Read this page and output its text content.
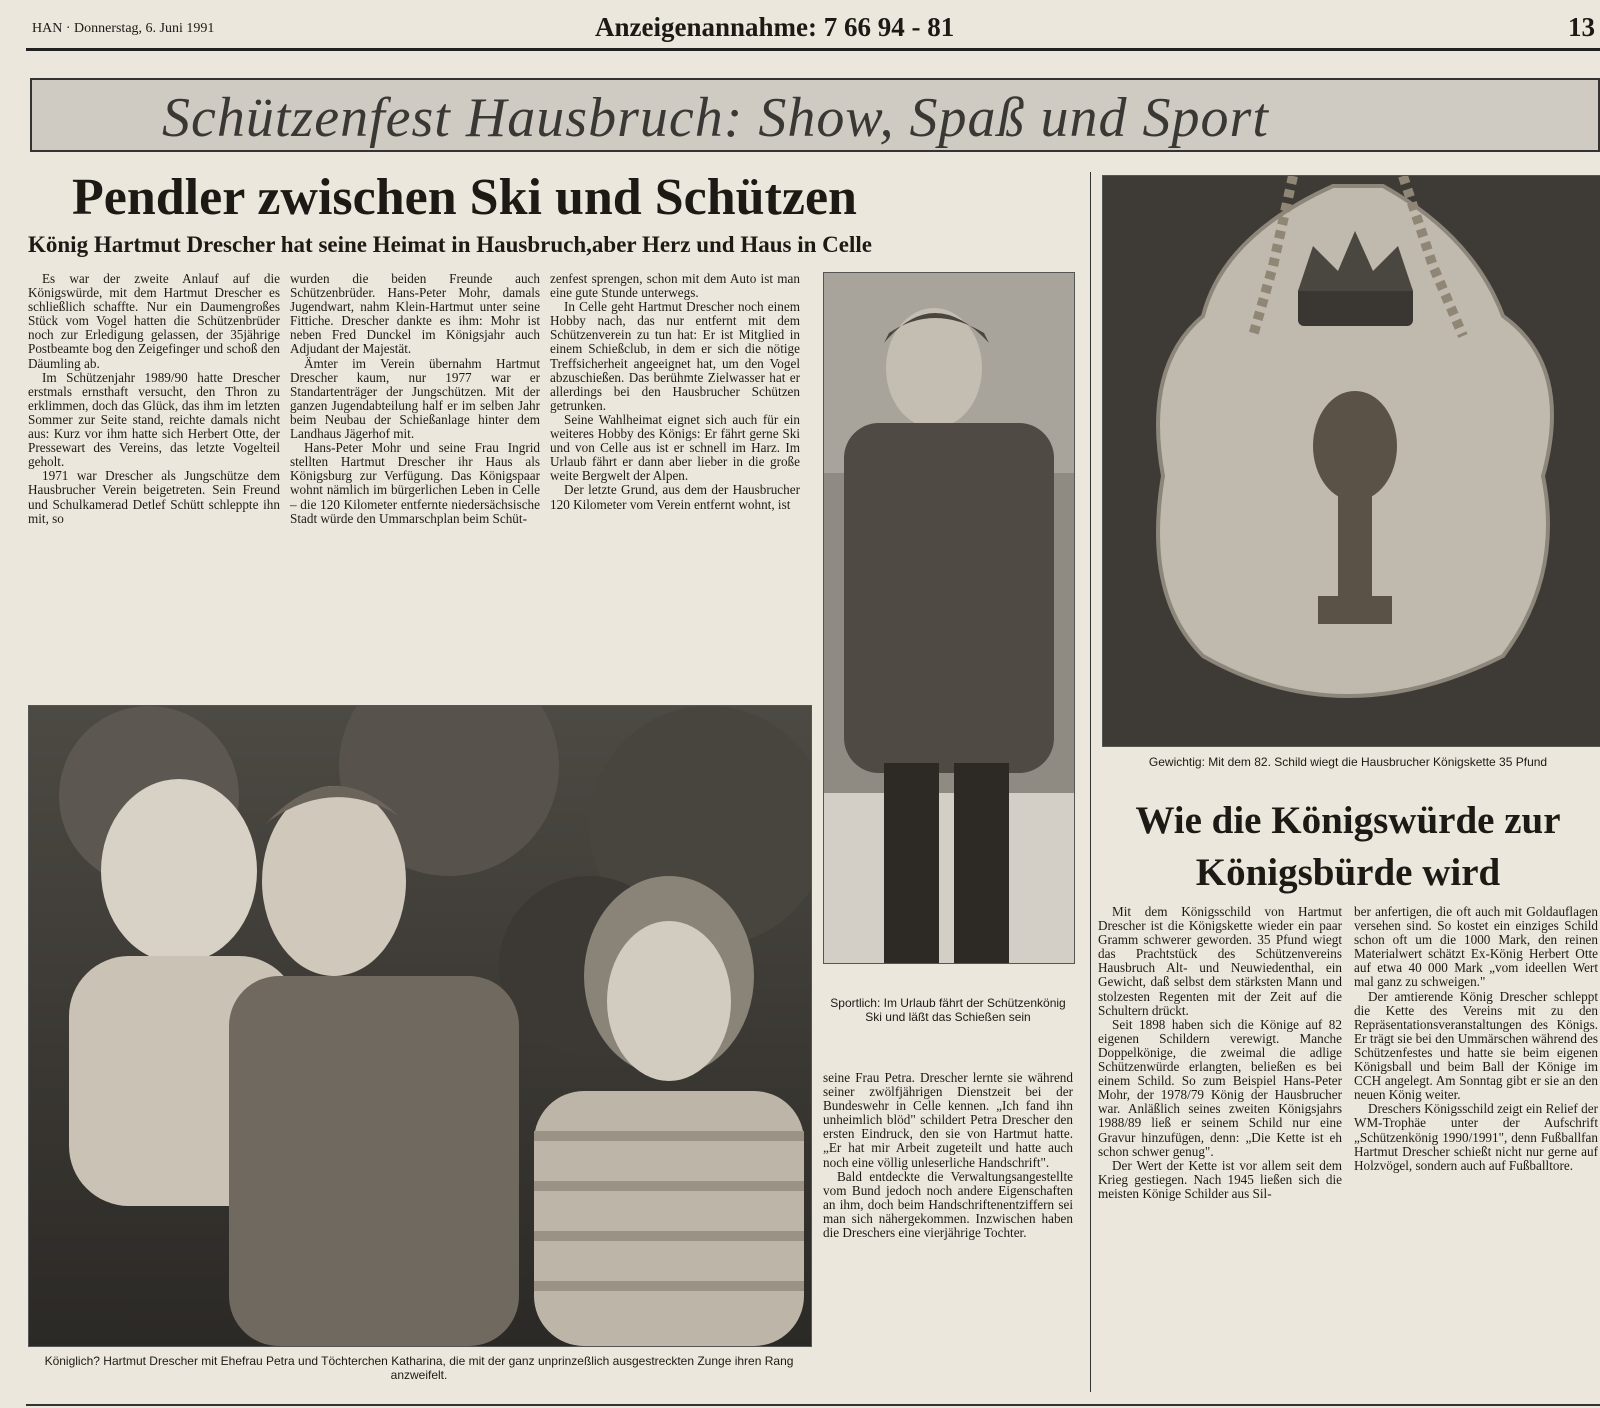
HAN · Donnerstag, 6. Juni 1991	Anzeigenannahme: 7 66 94 - 81	13
Schützenfest Hausbruch: Show, Spaß und Sport
Pendler zwischen Ski und Schützen
König Hartmut Drescher hat seine Heimat in Hausbruch,aber Herz und Haus in Celle

Es war der zweite Anlauf auf die Königswürde, mit dem Hartmut Drescher es schließlich schaffte. Nur ein Daumengroßes Stück vom Vogel hatten die Schützenbrüder noch zur Erledigung gelassen, der 35jährige Postbeamte bog den Zeigefinger und schoß den Däumling ab.

Im Schützenjahr 1989/90 hatte Drescher erstmals ernsthaft versucht, den Thron zu erklimmen, doch das Glück, das ihm im letzten Sommer zur Seite stand, reichte damals nicht aus: Kurz vor ihm hatte sich Herbert Otte, der Pressewart des Vereins, das letzte Vogelteil geholt.

1971 war Drescher als Jungschütze dem Hausbrucher Verein beigetreten. Sein Freund und Schulkamerad Detlef Schütt schleppte ihn mit, so

wurden die beiden Freunde auch Schützenbrüder. Hans-Peter Mohr, damals Jugendwart, nahm Klein-Hartmut unter seine Fittiche. Drescher dankte es ihm: Mohr ist neben Fred Dunckel im Königsjahr auch Adjudant der Majestät.

Ämter im Verein übernahm Hartmut Drescher kaum, nur 1977 war er Standartenträger der Jungschützen. Mit der ganzen Jugendabteilung half er im selben Jahr beim Neubau der Schießanlage hinter dem Landhaus Jägerhof mit.

Hans-Peter Mohr und seine Frau Ingrid stellten Hartmut Drescher ihr Haus als Königsburg zur Verfügung. Das Königspaar wohnt nämlich im bürgerlichen Leben in Celle – die 120 Kilometer entfernte niedersächsische Stadt würde den Ummarschplan beim Schüt-

zenfest sprengen, schon mit dem Auto ist man eine gute Stunde unterwegs.

In Celle geht Hartmut Drescher noch einem Hobby nach, das nur entfernt mit dem Schützenverein zu tun hat: Er ist Mitglied in einem Schießclub, in dem er sich die nötige Treffsicherheit angeeignet hat, um den Vogel abzuschießen. Das berühmte Zielwasser hat er allerdings bei den Hausbrucher Schützen getrunken.

Seine Wahlheimat eignet sich auch für ein weiteres Hobby des Königs: Er fährt gerne Ski und von Celle aus ist er schnell im Harz. Im Urlaub fährt er dann aber lieber in die große weite Bergwelt der Alpen.

Der letzte Grund, aus dem der Hausbrucher 120 Kilometer vom Verein entfernt wohnt, ist

Königlich? Hartmut Drescher mit Ehefrau Petra und Töchterchen Katharina, die mit der ganz unprinzeßlich ausgestreckten Zunge ihren Rang anzweifelt.
Sportlich: Im Urlaub fährt der Schützenkönig Ski und läßt das Schießen sein

seine Frau Petra. Drescher lernte sie während seiner zwölfjährigen Dienstzeit bei der Bundeswehr in Celle kennen. „Ich fand ihn unheimlich blöd" schildert Petra Drescher den ersten Eindruck, den sie von Hartmut hatte. „Er hat mir Arbeit zugeteilt und hatte auch noch eine völlig unleserliche Handschrift".

Bald entdeckte die Verwaltungsangestellte vom Bund jedoch noch andere Eigenschaften an ihm, doch beim Handschriftenentziffern sei man sich nähergekommen. Inzwischen haben die Dreschers eine vierjährige Tochter.

Gewichtig: Mit dem 82. Schild wiegt die Hausbrucher Königskette 35 Pfund
Wie die Königswürde zur Königsbürde wird

Mit dem Königsschild von Hartmut Drescher ist die Königskette wieder ein paar Gramm schwerer geworden. 35 Pfund wiegt das Prachtstück des Schützenvereins Hausbruch Alt- und Neuwiedenthal, ein Gewicht, daß selbst dem stärksten Mann und stolzesten Regenten mit der Zeit auf die Schultern drückt.

Seit 1898 haben sich die Könige auf 82 eigenen Schildern verewigt. Manche Doppelkönige, die zweimal die adlige Schützenwürde erlangten, beließen es bei einem Schild. So zum Beispiel Hans-Peter Mohr, der 1978/79 König der Hausbrucher war. Anläßlich seines zweiten Königsjahrs 1988/89 ließ er seinem Schild nur eine Gravur hinzufügen, denn: „Die Kette ist eh schon schwer genug".

Der Wert der Kette ist vor allem seit dem Krieg gestiegen. Nach 1945 ließen sich die meisten Könige Schilder aus Sil-

ber anfertigen, die oft auch mit Goldauflagen versehen sind. So kostet ein einziges Schild schon oft um die 1000 Mark, den reinen Materialwert schätzt Ex-König Herbert Otte auf etwa 40 000 Mark „vom ideellen Wert mal ganz zu schweigen."

Der amtierende König Drescher schleppt die Kette des Vereins mit zu den Repräsentationsveranstaltungen des Königs. Er trägt sie bei den Ummärschen während des Schützenfestes und hatte sie beim eigenen Königsball und beim Ball der Könige im CCH angelegt. Am Sonntag gibt er sie an den neuen König weiter.

Dreschers Königsschild zeigt ein Relief der WM-Trophäe unter der Aufschrift „Schützenkönig 1990/1991", denn Fußballfan Hartmut Drescher schießt nicht nur gerne auf Holzvögel, sondern auch auf Fußballtore.
